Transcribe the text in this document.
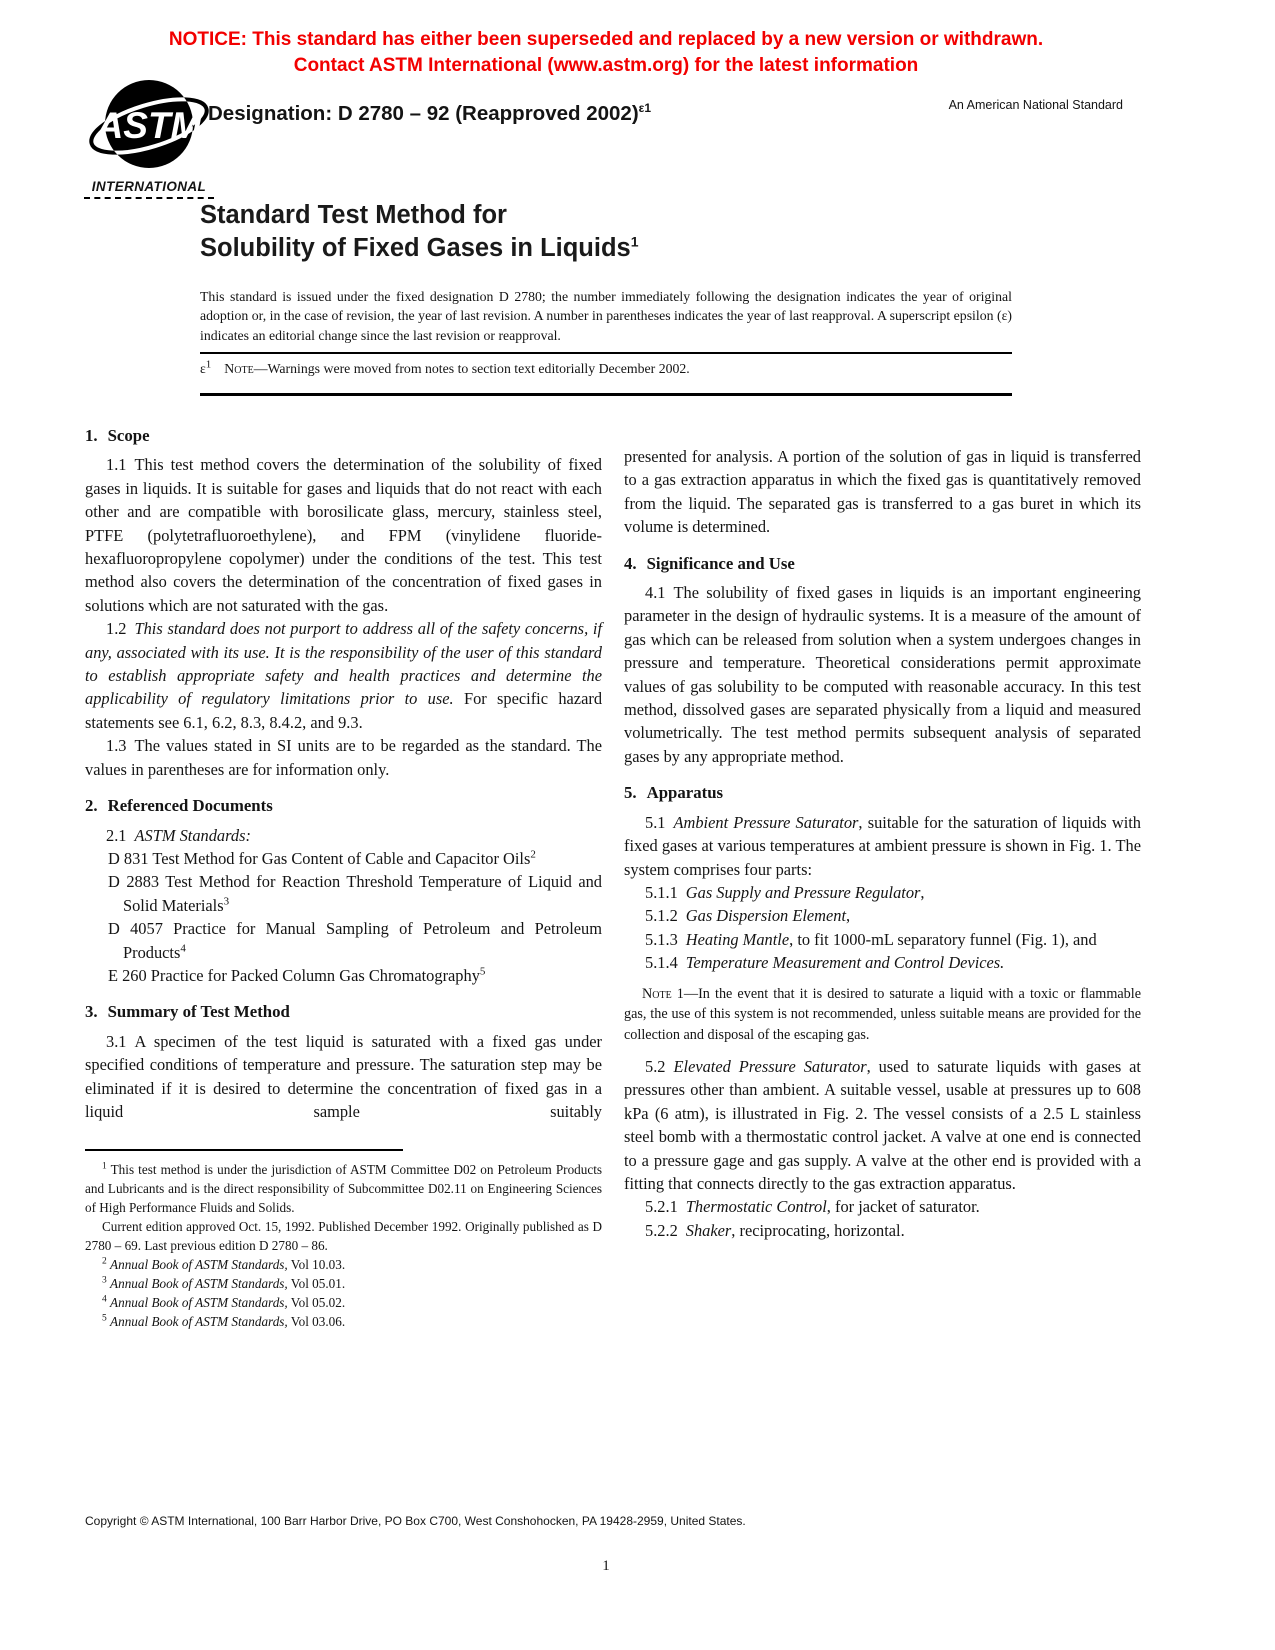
NOTICE: This standard has either been superseded and replaced by a new version or withdrawn.
Contact ASTM International (www.astm.org) for the latest information
ASTM
INTERNATIONAL
Designation: D 2780 – 92 (Reapproved 2002)$^{\varepsilon 1}$	An American National Standard
Standard Test Method for
Solubility of Fixed Gases in Liquids$^1$
This standard is issued under the fixed designation D 2780; the number immediately following the designation indicates the year of original adoption or, in the case of revision, the year of last revision. A number in parentheses indicates the year of last reapproval. A superscript epsilon (ε) indicates an editorial change since the last revision or reapproval.
$\varepsilon^1$ Note—Warnings were moved from notes to section text editorially December 2002.
1. Scope

1.1 This test method covers the determination of the solubility of fixed gases in liquids. It is suitable for gases and liquids that do not react with each other and are compatible with borosilicate glass, mercury, stainless steel, PTFE (polytetrafluoroethylene), and FPM (vinylidene fluoride-hexafluoropropylene copolymer) under the conditions of the test. This test method also covers the determination of the concentration of fixed gases in solutions which are not saturated with the gas.

1.2 This standard does not purport to address all of the safety concerns, if any, associated with its use. It is the responsibility of the user of this standard to establish appropriate safety and health practices and determine the applicability of regulatory limitations prior to use. For specific hazard statements see 6.1, 6.2, 8.3, 8.4.2, and 9.3.

1.3 The values stated in SI units are to be regarded as the standard. The values in parentheses are for information only.

2. Referenced Documents

2.1 ASTM Standards:

D 831 Test Method for Gas Content of Cable and Capacitor Oils$^2$
D 2883 Test Method for Reaction Threshold Temperature of Liquid and Solid Materials$^3$
D 4057 Practice for Manual Sampling of Petroleum and Petroleum Products$^4$
E 260 Practice for Packed Column Gas Chromatography$^5$
3. Summary of Test Method

3.1 A specimen of the test liquid is saturated with a fixed gas under specified conditions of temperature and pressure. The saturation step may be eliminated if it is desired to determine the concentration of fixed gas in a liquid sample suitably

$^1$ This test method is under the jurisdiction of ASTM Committee D02 on Petroleum Products and Lubricants and is the direct responsibility of Subcommittee D02.11 on Engineering Sciences of High Performance Fluids and Solids.

Current edition approved Oct. 15, 1992. Published December 1992. Originally published as D 2780 – 69. Last previous edition D 2780 – 86.

$^2$ Annual Book of ASTM Standards, Vol 10.03.

$^3$ Annual Book of ASTM Standards, Vol 05.01.

$^4$ Annual Book of ASTM Standards, Vol 05.02.

$^5$ Annual Book of ASTM Standards, Vol 03.06.

presented for analysis. A portion of the solution of gas in liquid is transferred to a gas extraction apparatus in which the fixed gas is quantitatively removed from the liquid. The separated gas is transferred to a gas buret in which its volume is determined.

4. Significance and Use

4.1 The solubility of fixed gases in liquids is an important engineering parameter in the design of hydraulic systems. It is a measure of the amount of gas which can be released from solution when a system undergoes changes in pressure and temperature. Theoretical considerations permit approximate values of gas solubility to be computed with reasonable accuracy. In this test method, dissolved gases are separated physically from a liquid and measured volumetrically. The test method permits subsequent analysis of separated gases by any appropriate method.

5. Apparatus

5.1 Ambient Pressure Saturator, suitable for the saturation of liquids with fixed gases at various temperatures at ambient pressure is shown in Fig. 1. The system comprises four parts:

5.1.1 Gas Supply and Pressure Regulator,

5.1.2 Gas Dispersion Element,

5.1.3 Heating Mantle, to fit 1000-mL separatory funnel (Fig. 1), and

5.1.4 Temperature Measurement and Control Devices.

Note 1—In the event that it is desired to saturate a liquid with a toxic or flammable gas, the use of this system is not recommended, unless suitable means are provided for the collection and disposal of the escaping gas.

5.2 Elevated Pressure Saturator, used to saturate liquids with gases at pressures other than ambient. A suitable vessel, usable at pressures up to 608 kPa (6 atm), is illustrated in Fig. 2. The vessel consists of a 2.5 L stainless steel bomb with a thermostatic control jacket. A valve at one end is connected to a pressure gage and gas supply. A valve at the other end is provided with a fitting that connects directly to the gas extraction apparatus.

5.2.1 Thermostatic Control, for jacket of saturator.

5.2.2 Shaker, reciprocating, horizontal.

Copyright © ASTM International, 100 Barr Harbor Drive, PO Box C700, West Conshohocken, PA 19428-2959, United States.
1
